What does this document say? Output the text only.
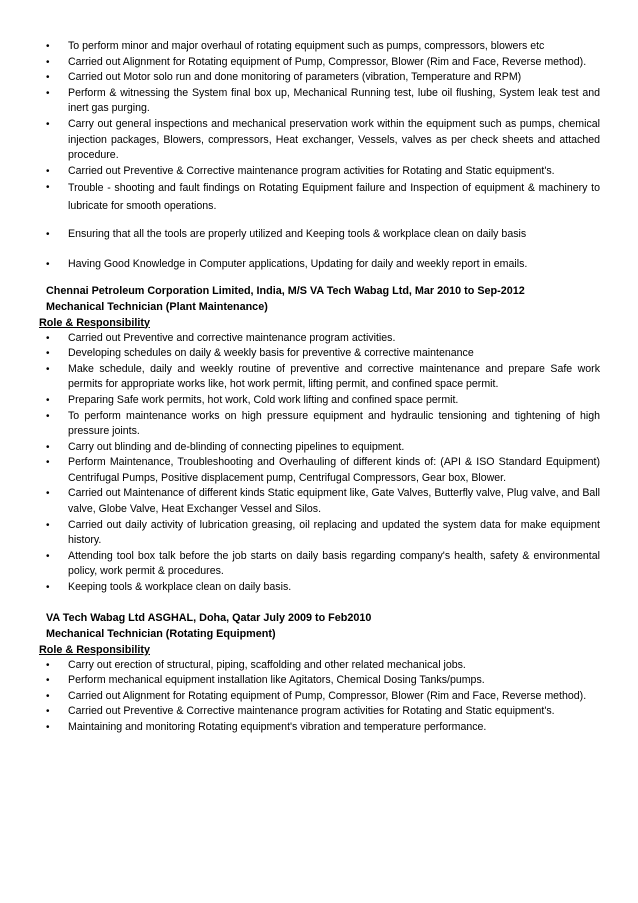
• To perform minor and major overhaul of rotating equipment such as pumps, compressors, blowers etc
• Carried out Alignment for Rotating equipment of Pump, Compressor, Blower (Rim and Face, Reverse method).
• Carried out Motor solo run and done monitoring of parameters (vibration, Temperature and RPM)
• Perform & witnessing the System final box up, Mechanical Running test, lube oil flushing, System leak test and inert gas purging.
• Carry out general inspections and mechanical preservation work within the equipment such as pumps, chemical injection packages, Blowers, compressors, Heat exchanger, Vessels, valves as per check sheets and attached procedure.
• Carried out Preventive & Corrective maintenance program activities for Rotating and Static equipment's.
• Trouble - shooting and fault findings on Rotating Equipment failure and Inspection of equipment & machinery to lubricate for smooth operations.
• Ensuring that all the tools are properly utilized and Keeping tools & workplace clean on daily basis
• Having Good Knowledge in Computer applications, Updating for daily and weekly report in emails.
Chennai Petroleum Corporation Limited, India, M/S VA Tech Wabag Ltd, Mar 2010 to Sep-2012
Mechanical Technician (Plant Maintenance)
Role & Responsibility
• Carried out Preventive and corrective maintenance program activities.
• Developing schedules on daily & weekly basis for preventive & corrective maintenance
• Make schedule, daily and weekly routine of preventive and corrective maintenance and prepare Safe work permits for appropriate works like, hot work permit, lifting permit, and confined space permit.
• Preparing Safe work permits, hot work, Cold work lifting and confined space permit.
• To perform maintenance works on high pressure equipment and hydraulic tensioning and tightening of high pressure joints.
• Carry out blinding and de-blinding of connecting pipelines to equipment.
• Perform Maintenance, Troubleshooting and Overhauling of different kinds of: (API & ISO Standard Equipment) Centrifugal Pumps, Positive displacement pump, Centrifugal Compressors, Gear box, Blower.
• Carried out Maintenance of different kinds Static equipment like, Gate Valves, Butterfly valve, Plug valve, and Ball valve, Globe Valve, Heat Exchanger Vessel and Silos.
• Carried out daily activity of lubrication greasing, oil replacing and updated the system data for make equipment history.
• Attending tool box talk before the job starts on daily basis regarding company's health, safety & environmental policy, work permit & procedures.
• Keeping tools & workplace clean on daily basis.
VA Tech Wabag Ltd ASGHAL, Doha, Qatar July 2009 to Feb2010
Mechanical Technician (Rotating Equipment)
Role & Responsibility
• Carry out erection of structural, piping, scaffolding and other related mechanical jobs.
• Perform mechanical equipment installation like Agitators, Chemical Dosing Tanks/pumps.
• Carried out Alignment for Rotating equipment of Pump, Compressor, Blower (Rim and Face, Reverse method).
• Carried out Preventive & Corrective maintenance program activities for Rotating and Static equipment's.
• Maintaining and monitoring Rotating equipment's vibration and temperature performance.
